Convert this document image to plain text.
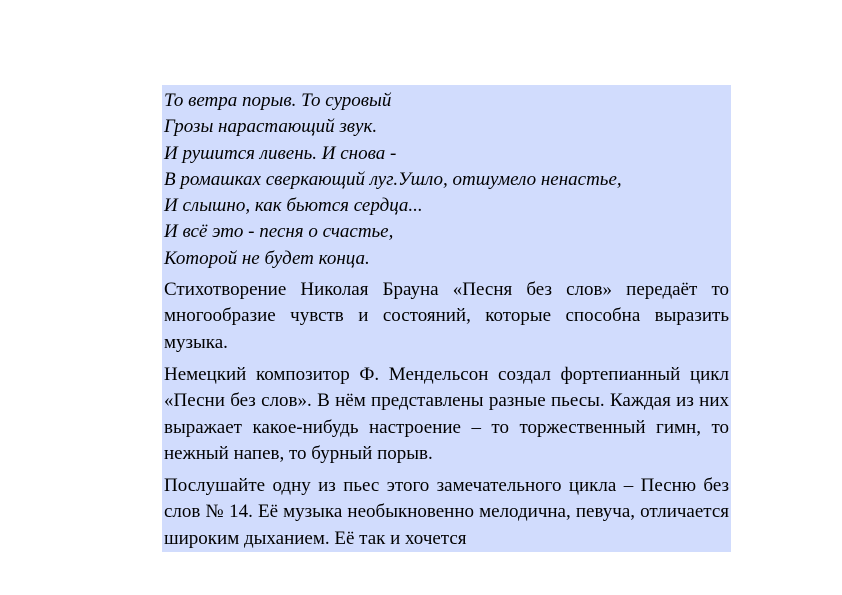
То ветра порыв. То суровый
Грозы нарастающий звук.
И рушится ливень. И снова -
В ромашках сверкающий луг.Ушло, отшумело ненастье,
И слышно, как бьются сердца...
И всё это - песня о счастье,
Которой не будет конца.

Стихотворение Николая Брауна «Песня без слов» передаёт то многообразие чувств и состояний, которые способна выразить музыка.

Немецкий композитор Ф. Мендельсон создал фортепианный цикл «Песни без слов». В нём представлены разные пьесы. Каждая из них выражает какое-нибудь настроение – то торжественный гимн, то нежный напев, то бурный порыв.

Послушайте одну из пьес этого замечательного цикла – Песню без слов № 14. Её музыка необыкновенно мелодична, певуча, отличается широким дыханием. Её так и хочется
